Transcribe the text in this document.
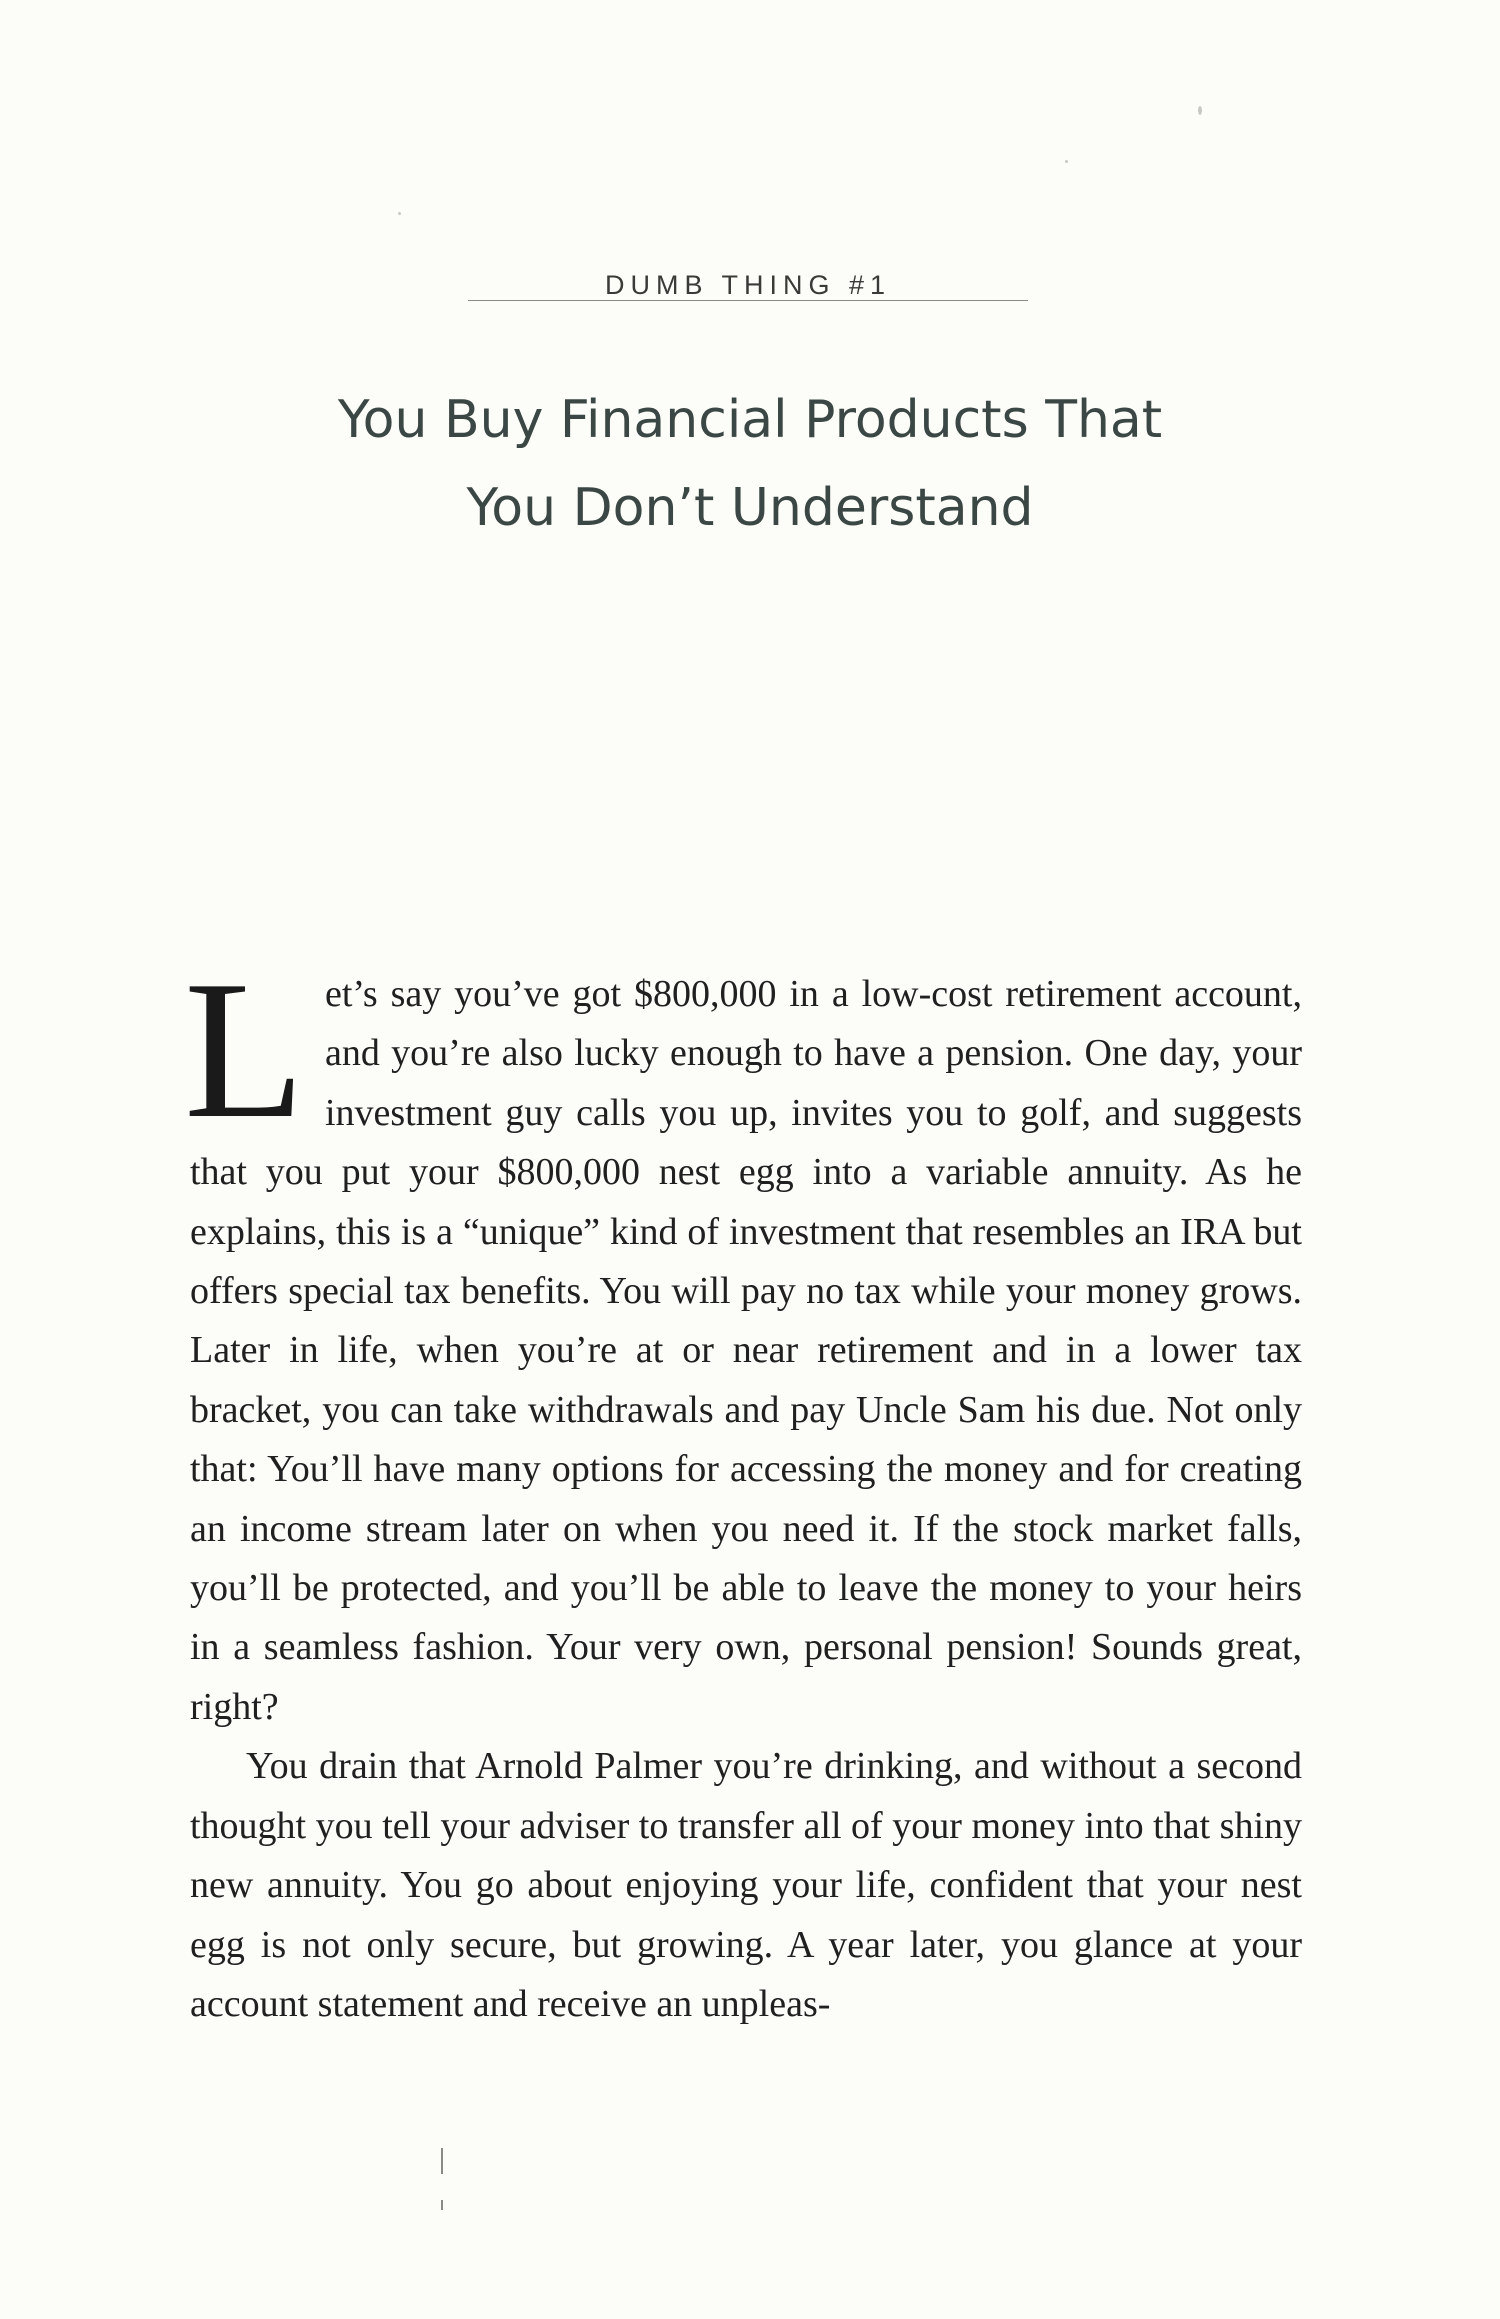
DUMB THING #1
You Buy Financial Products That
You Don’t Understand

Let’s say you’ve got $800,000 in a low-cost retirement account, and you’re also lucky enough to have a pension. One day, your investment guy calls you up, invites you to golf, and suggests that you put your $800,000 nest egg into a variable annuity. As he explains, this is a “unique” kind of investment that resembles an IRA but offers special tax benefits. You will pay no tax while your money grows. Later in life, when you’re at or near retirement and in a lower tax bracket, you can take withdrawals and pay Uncle Sam his due. Not only that: You’ll have many options for accessing the money and for creating an income stream later on when you need it. If the stock market falls, you’ll be protected, and you’ll be able to leave the money to your heirs in a seamless fashion. Your very own, personal pension! Sounds great, right?

You drain that Arnold Palmer you’re drinking, and without a second thought you tell your adviser to transfer all of your money into that shiny new annuity. You go about enjoying your life, confident that your nest egg is not only secure, but growing. A year later, you glance at your account statement and receive an unpleas-
